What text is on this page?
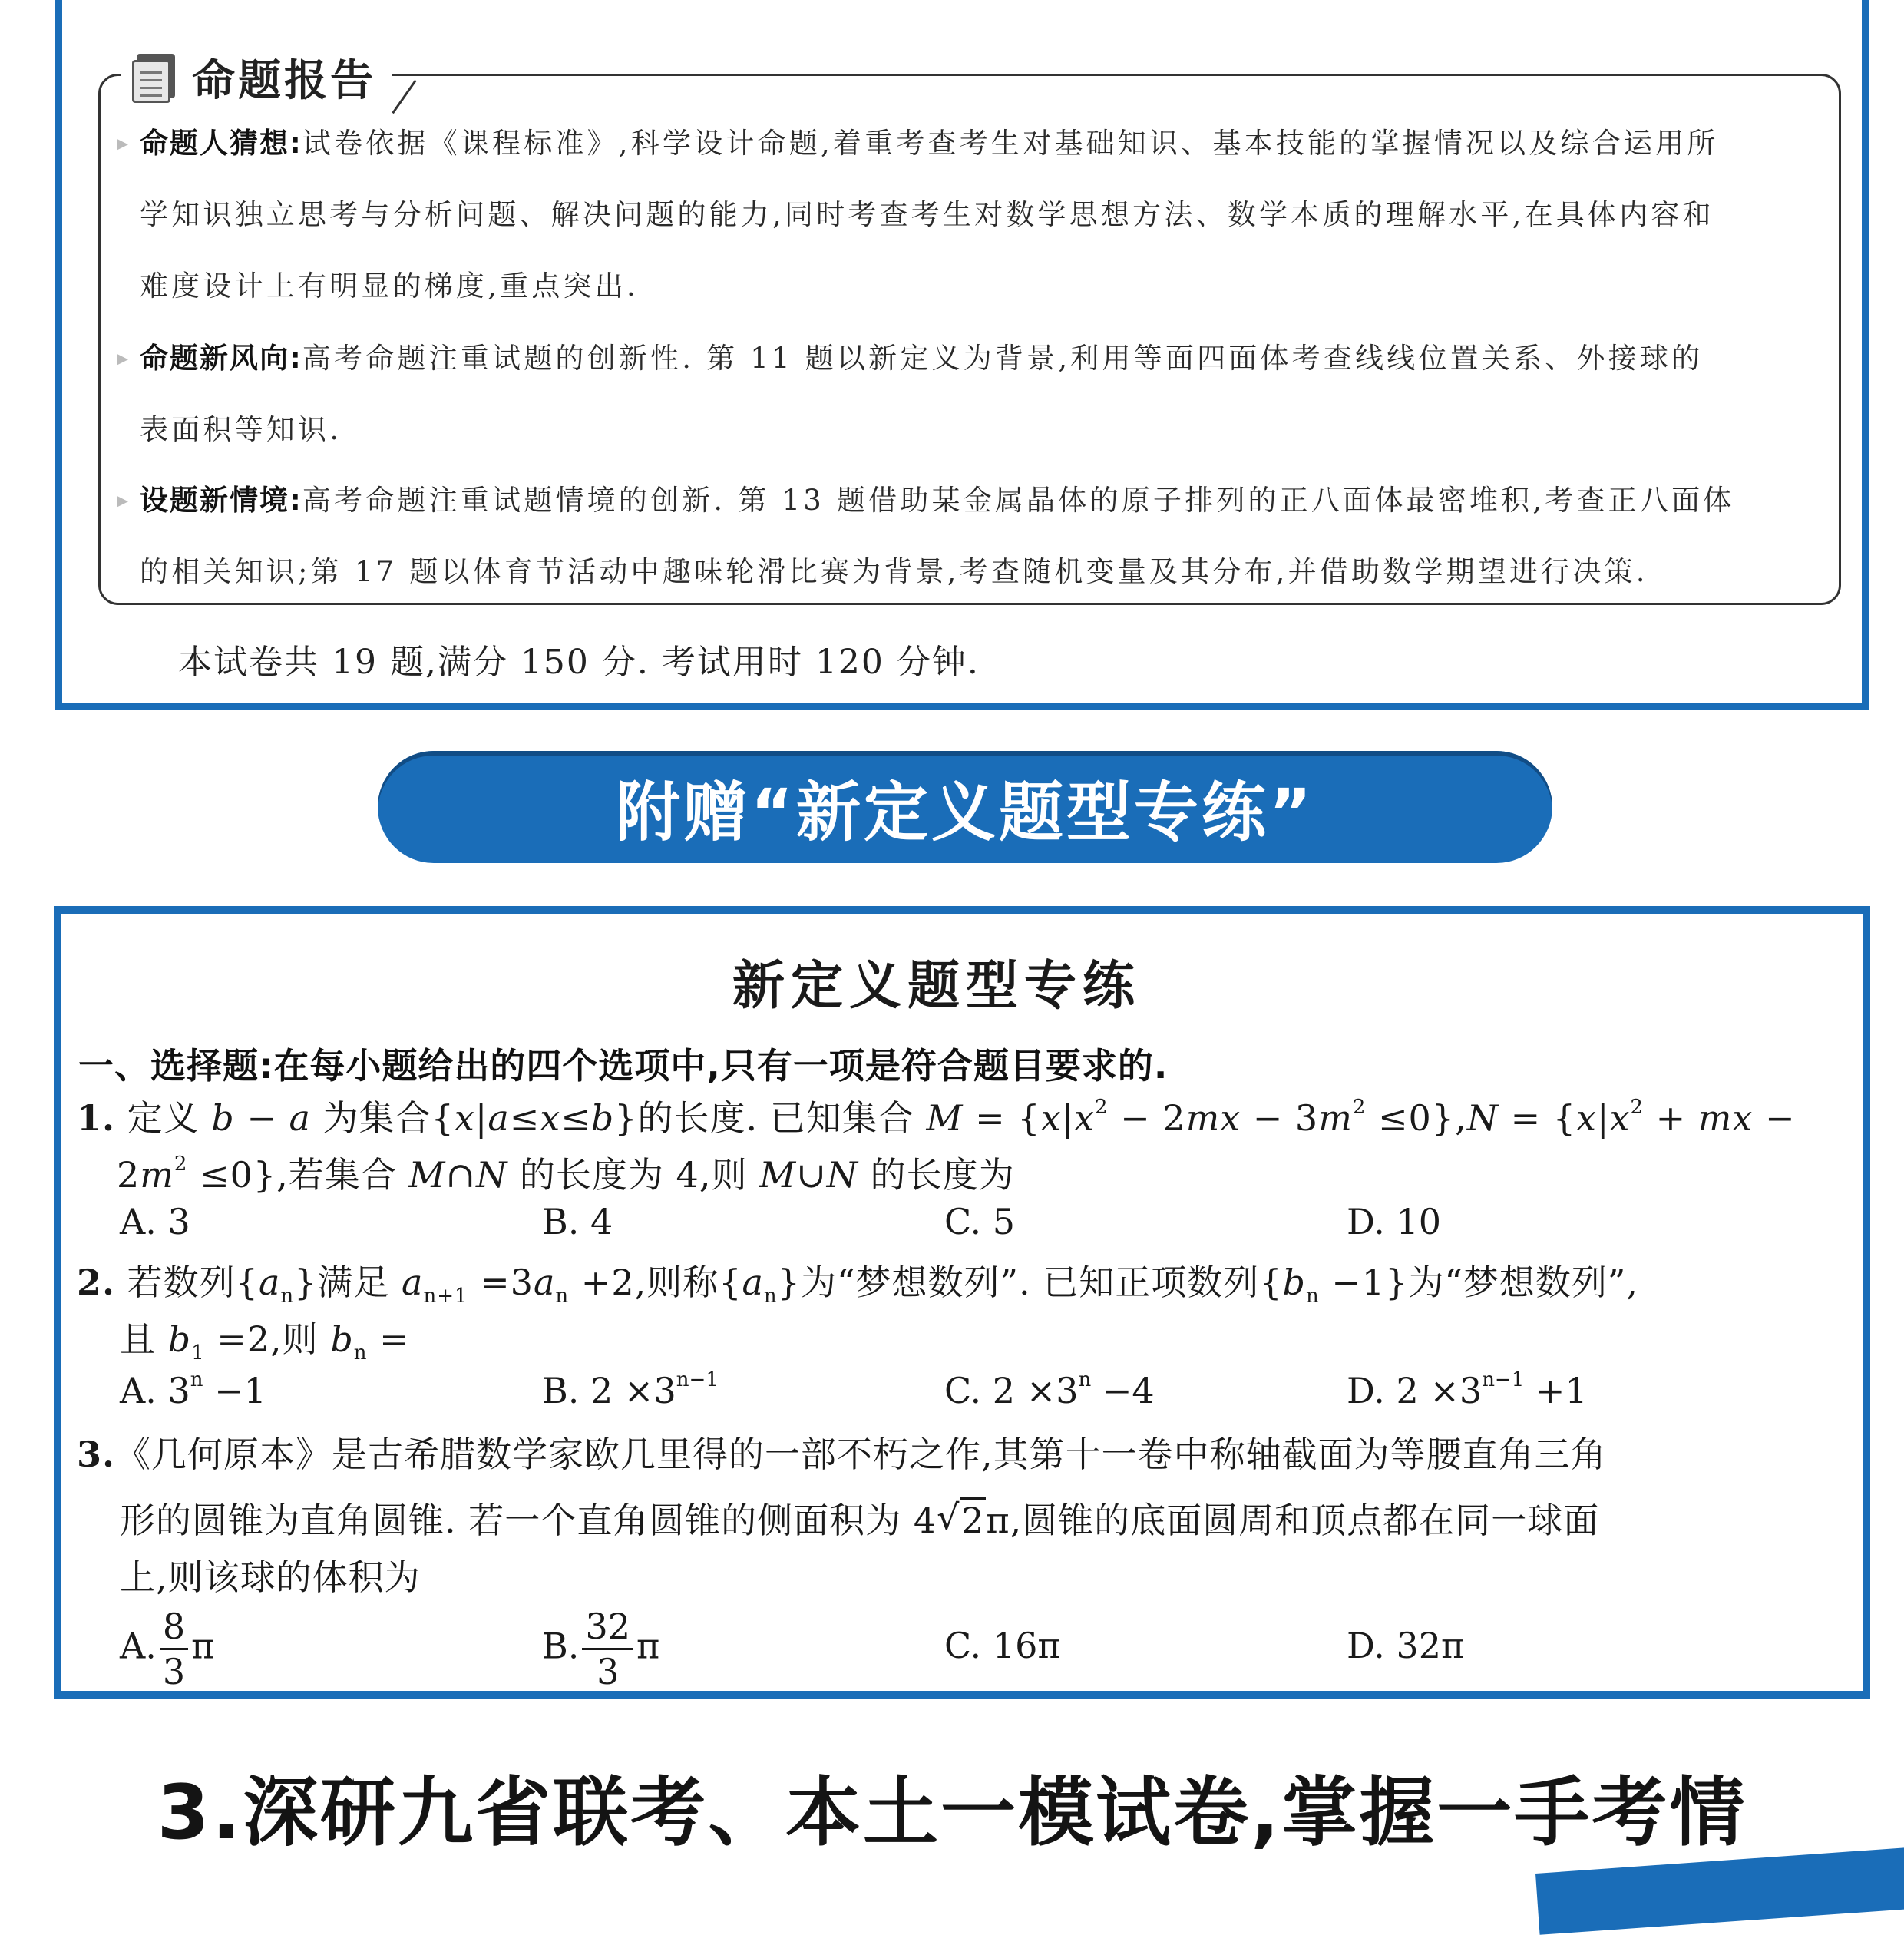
命题报告
▸ 命题人猜想:试卷依据《课程标准》,科学设计命题,着重考查考生对基础知识、基本技能的掌握情况以及综合运用所
学知识独立思考与分析问题、解决问题的能力,同时考查考生对数学思想方法、数学本质的理解水平,在具体内容和
难度设计上有明显的梯度,重点突出.
▸ 命题新风向:高考命题注重试题的创新性. 第 11 题以新定义为背景,利用等面四面体考查线线位置关系、外接球的
表面积等知识.
▸ 设题新情境:高考命题注重试题情境的创新. 第 13 题借助某金属晶体的原子排列的正八面体最密堆积,考查正八面体
的相关知识;第 17 题以体育节活动中趣味轮滑比赛为背景,考查随机变量及其分布,并借助数学期望进行决策.
本试卷共 19 题,满分 150 分. 考试用时 120 分钟.
附赠“新定义题型专练”
新定义题型专练
一、选择题:在每小题给出的四个选项中,只有一项是符合题目要求的.
1. 定义 b − a 为集合{x|a≤x≤b}的长度. 已知集合 $M = \{x|x^2 - 2mx - 3m^2 \le 0\},N = \{x|x^2$ + mx −
$2m^2 \le 0$},若集合 M∩N 的长度为 4,则 M∪N 的长度为
A. 3	B. 4	C. 5	D. 10
2. 若数列$\{a_n\}$满足 $a_{n+1} =3a_n +2$,则称$\{a_n\}$为“梦想数列”. 已知正项数列$\{b_n -1\}$为“梦想数列”,
且 $b_1 =2$,则 $b_n$ =
A. $3^n -1$	B. $2 \times 3^{n-1}$	C. $2 \times 3^n -4$	D. $2 \times 3^{n-1} +1$
3.《几何原本》是古希腊数学家欧几里得的一部不朽之作,其第十一卷中称轴截面为等腰直角三角
形的圆锥为直角圆锥. 若一个直角圆锥的侧面积为 4√ 2π,圆锥的底面圆周和顶点都在同一球面
上,则该球的体积为
A. $\frac{8}{3}$ π	B. $\frac{32}{3}$ π	C. 16π	D. 32π
3.深研九省联考、本土一模试卷,掌握一手考情
